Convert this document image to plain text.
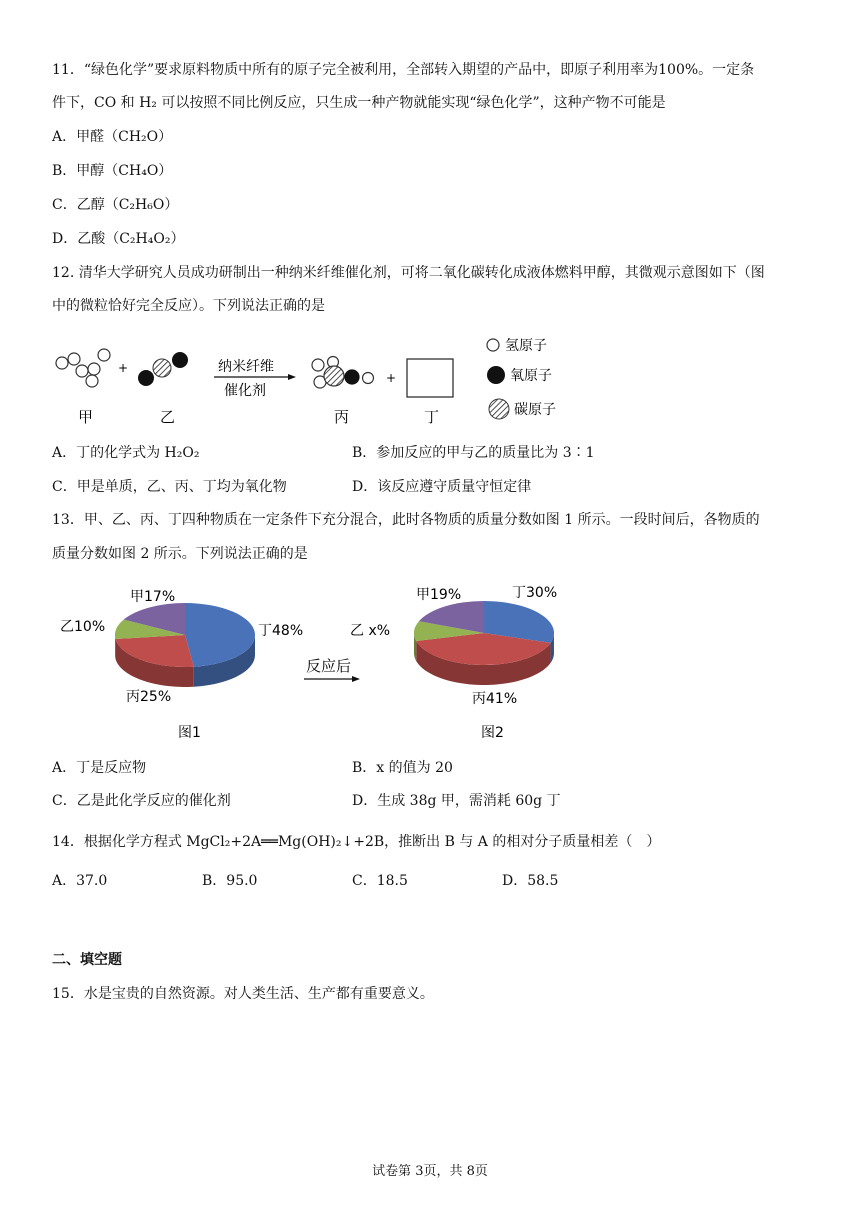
11．“绿色化学”要求原料物质中所有的原子完全被利用，全部转入期望的产品中，即原子利用率为100%。一定条
件下，CO 和 H₂ 可以按照不同比例反应，只生成一种产物就能实现“绿色化学”，这种产物不可能是
A．甲醛（CH₂O）
B．甲醇（CH₄O）
C．乙醇（C₂H₆O）
D．乙酸（C₂H₄O₂）
12. 清华大学研究人员成功研制出一种纳米纤维催化剂，可将二氧化碳转化成液体燃料甲醇，其微观示意图如下（图
中的微粒恰好完全反应）。下列说法正确的是
+	纳米纤维
催化剂
+
甲	乙	丙	丁
氢原子
氧原子
碳原子
A．丁的化学式为 H₂O₂	B．参加反应的甲与乙的质量比为 3∶1
C．甲是单质，乙、丙、丁均为氧化物	D．该反应遵守质量守恒定律
13．甲、乙、丙、丁四种物质在一定条件下充分混合，此时各物质的质量分数如图 1 所示。一段时间后，各物质的
质量分数如图 2 所示。下列说法正确的是
甲17%
乙10%	丁48%
丙25%
图1
反应后
甲19%	丁30%
乙 x%
丙41%
图2
A．丁是反应物	B．x 的值为 20
C．乙是此化学反应的催化剂	D．生成 38g 甲，需消耗 60g 丁
14．根据化学方程式 MgCl₂+2A══Mg(OH)₂↓+2B，推断出 B 与 A 的相对分子质量相差（　）
A．37.0	B．95.0	C．18.5	D．58.5
二、填空题
15．水是宝贵的自然资源。对人类生活、生产都有重要意义。
试卷第 3页，共 8页
